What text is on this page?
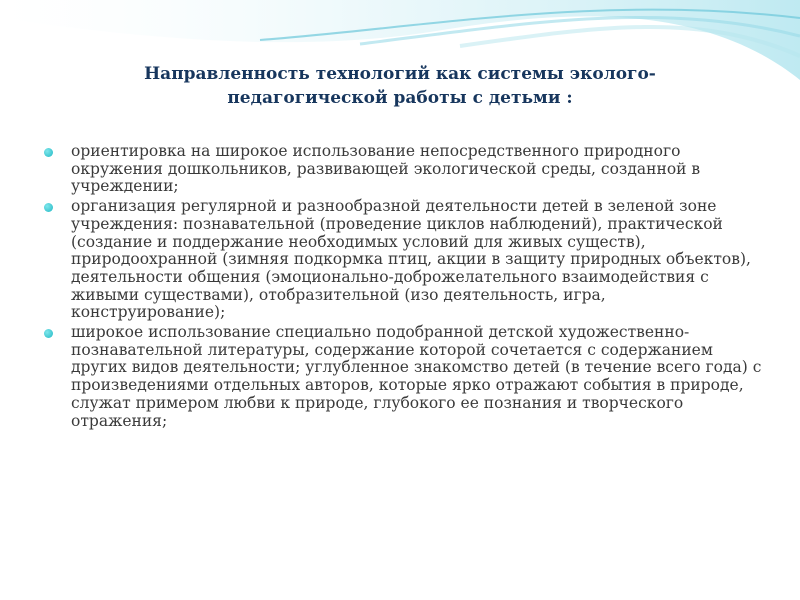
Направленность технологий как системы эколого-
педагогической работы с детьми :
ориентировка на широкое использование непосредственного природного окружения дошкольников, развивающей экологической среды, созданной в учреждении;
организация регулярной и разнообразной деятельности детей в зеленой зоне учреждения: познавательной (проведение циклов наблюдений), практической (создание и поддержание необходимых условий для живых существ), природоохранной (зимняя подкормка птиц, акции в защиту природных объектов), деятельности общения (эмоционально-доброжелательного взаимодействия с живыми существами), отобразительной (изо деятельность, игра, конструирование);
широкое использование специально подобранной детской художественно-познавательной литературы, содержание которой сочетается с содержанием других видов деятельности; углубленное знакомство детей (в течение всего года) с произведениями отдельных авторов, которые ярко отражают события в природе, служат примером любви к природе, глубокого ее познания и творческого отражения;
